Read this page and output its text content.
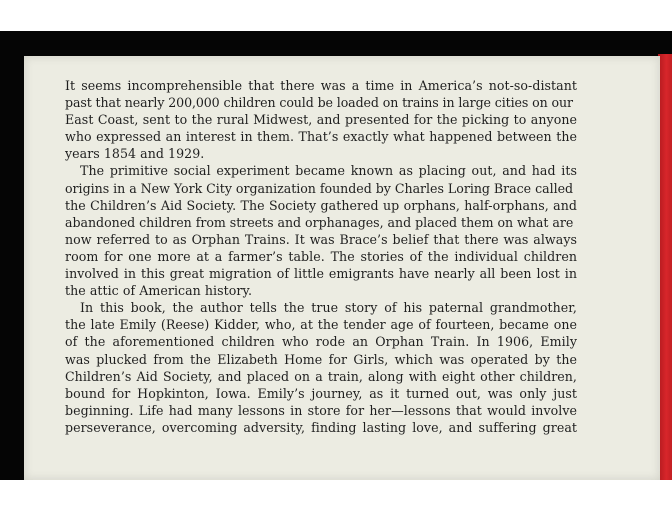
It seems incomprehensible that there was a time in America’s not-so-distant
past that nearly 200,000 children could be loaded on trains in large cities on our
East Coast, sent to the rural Midwest, and presented for the picking to anyone
who expressed an interest in them. That’s exactly what happened between the
years 1854 and 1929.
The primitive social experiment became known as placing out, and had its
origins in a New York City organization founded by Charles Loring Brace called
the Children’s Aid Society. The Society gathered up orphans, half-orphans, and
abandoned children from streets and orphanages, and placed them on what are
now referred to as Orphan Trains. It was Brace’s belief that there was always
room for one more at a farmer’s table. The stories of the individual children
involved in this great migration of little emigrants have nearly all been lost in
the attic of American history.
In this book, the author tells the true story of his paternal grandmother,
the late Emily (Reese) Kidder, who, at the tender age of fourteen, became one
of the aforementioned children who rode an Orphan Train. In 1906, Emily
was plucked from the Elizabeth Home for Girls, which was operated by the
Children’s Aid Society, and placed on a train, along with eight other children,
bound for Hopkinton, Iowa. Emily’s journey, as it turned out, was only just
beginning. Life had many lessons in store for her—lessons that would involve
perseverance, overcoming adversity, finding lasting love, and suffering great
